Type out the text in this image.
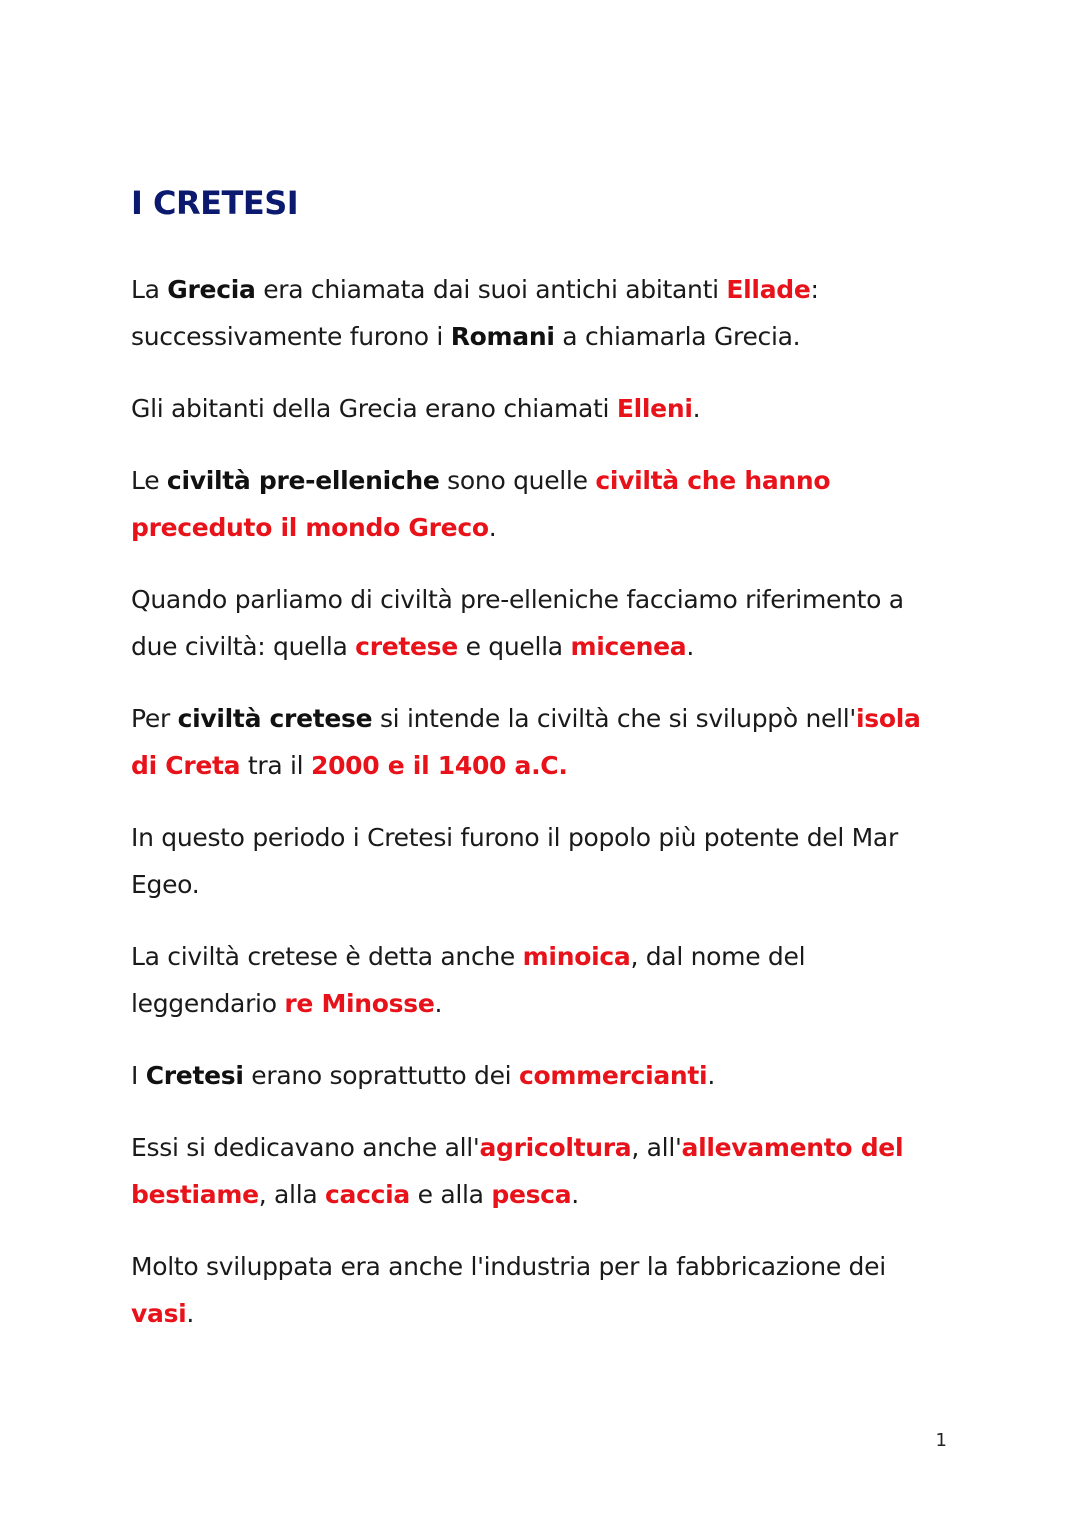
I CRETESI

La Grecia era chiamata dai suoi antichi abitanti Ellade: successivamente furono i Romani a chiamarla Grecia.

Gli abitanti della Grecia erano chiamati Elleni.

Le civiltà pre-elleniche sono quelle civiltà che hanno preceduto il mondo Greco.

Quando parliamo di civiltà pre-elleniche facciamo riferimento a due civiltà: quella cretese e quella micenea.

Per civiltà cretese si intende la civiltà che si sviluppò nell'isola di Creta tra il 2000 e il 1400 a.C.

In questo periodo i Cretesi furono il popolo più potente del Mar Egeo.

La civiltà cretese è detta anche minoica, dal nome del leggendario re Minosse.

I Cretesi erano soprattutto dei commercianti.

Essi si dedicavano anche all'agricoltura, all'allevamento del bestiame, alla caccia e alla pesca.

Molto sviluppata era anche l'industria per la fabbricazione dei vasi.

1
